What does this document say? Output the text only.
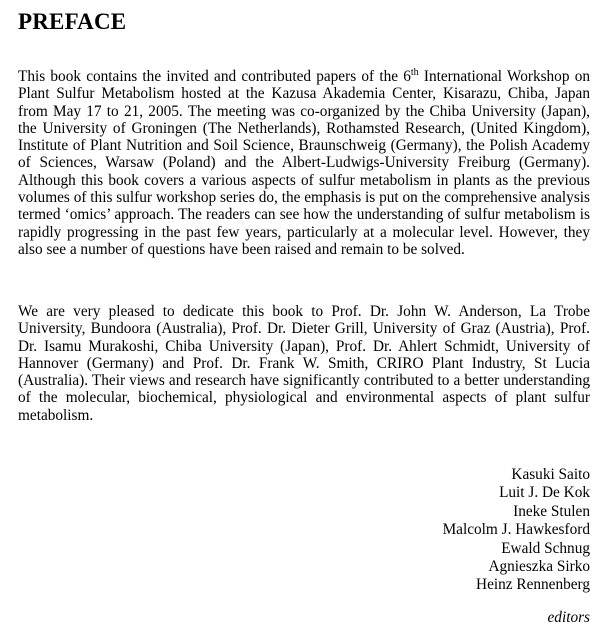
PREFACE

This book contains the invited and contributed papers of the 6th International Workshop on Plant Sulfur Metabolism hosted at the Kazusa Akademia Center, Kisarazu, Chiba, Japan from May 17 to 21, 2005. The meeting was co-organized by the Chiba University (Japan), the University of Groningen (The Netherlands), Rothamsted Research, (United Kingdom), Institute of Plant Nutrition and Soil Science, Braunschweig (Germany), the Polish Academy of Sciences, Warsaw (Poland) and the Albert-Ludwigs-University Freiburg (Germany). Although this book covers a various aspects of sulfur metabolism in plants as the previous volumes of this sulfur workshop series do, the emphasis is put on the comprehensive analysis termed ‘omics’ approach. The readers can see how the understanding of sulfur metabolism is rapidly progressing in the past few years, particularly at a molecular level. However, they also see a number of questions have been raised and remain to be solved.

We are very pleased to dedicate this book to Prof. Dr. John W. Anderson, La Trobe University, Bundoora (Australia), Prof. Dr. Dieter Grill, University of Graz (Austria), Prof. Dr. Isamu Murakoshi, Chiba University (Japan), Prof. Dr. Ahlert Schmidt, University of Hannover (Germany) and Prof. Dr. Frank W. Smith, CRIRO Plant Industry, St Lucia (Australia). Their views and research have significantly contributed to a better understanding of the molecular, biochemical, physiological and environmental aspects of plant sulfur metabolism.

Kasuki Saito
Luit J. De Kok
Ineke Stulen
Malcolm J. Hawkesford
Ewald Schnug
Agnieszka Sirko
Heinz Rennenberg
editors
